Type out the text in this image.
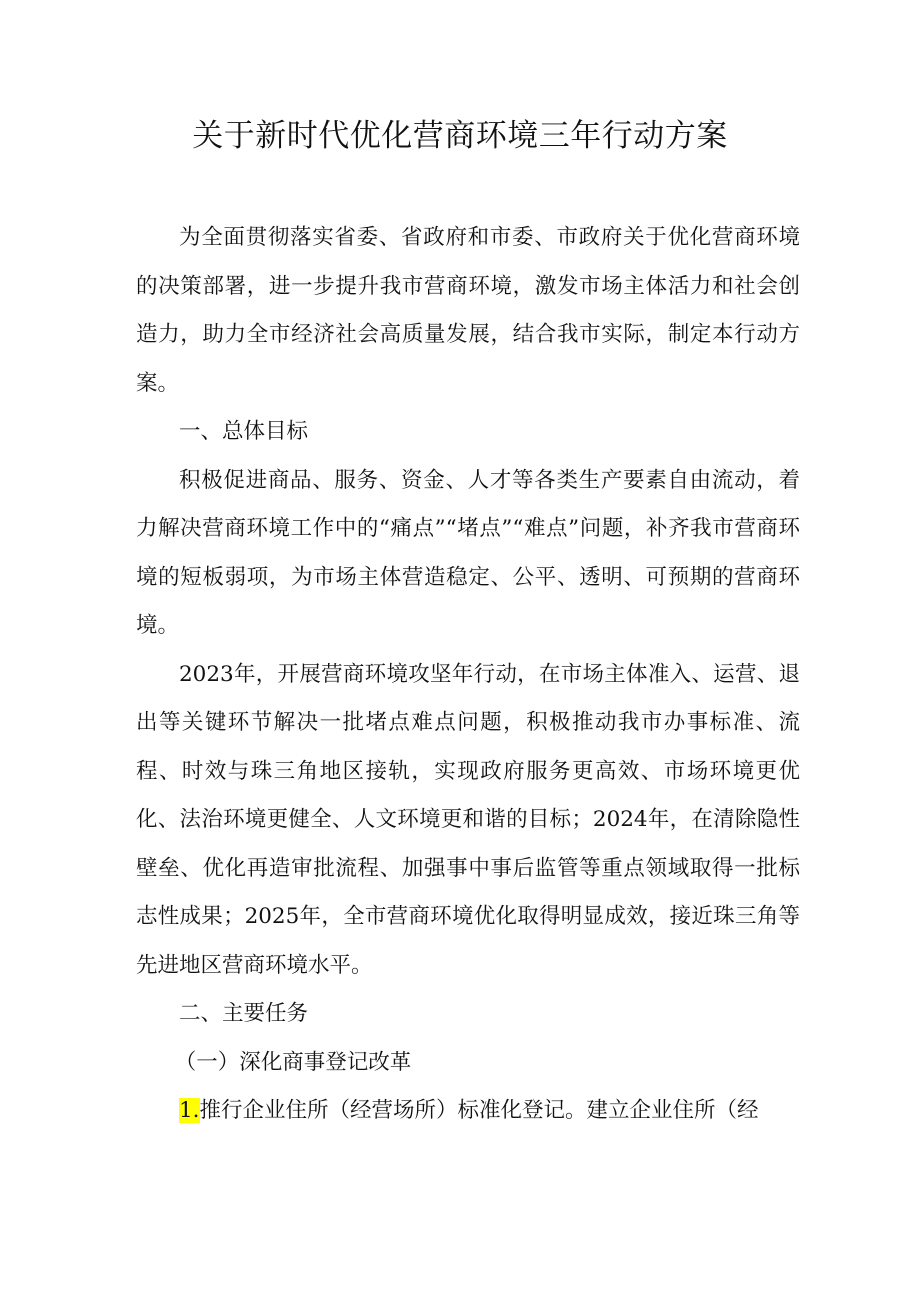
关于新时代优化营商环境三年行动方案

为全面贯彻落实省委、省政府和市委、市政府关于优化营商环境的决策部署，进一步提升我市营商环境，激发市场主体活力和社会创造力，助力全市经济社会高质量发展，结合我市实际，制定本行动方案。

一、总体目标

积极促进商品、服务、资金、人才等各类生产要素自由流动，着力解决营商环境工作中的“痛点”“堵点”“难点”问题，补齐我市营商环境的短板弱项，为市场主体营造稳定、公平、透明、可预期的营商环境。

2023年，开展营商环境攻坚年行动，在市场主体准入、运营、退出等关键环节解决一批堵点难点问题，积极推动我市办事标准、流程、时效与珠三角地区接轨，实现政府服务更高效、市场环境更优化、法治环境更健全、人文环境更和谐的目标；2024年，在清除隐性壁垒、优化再造审批流程、加强事中事后监管等重点领域取得一批标志性成果；2025年，全市营商环境优化取得明显成效，接近珠三角等先进地区营商环境水平。

二、主要任务

（一）深化商事登记改革

1.推行企业住所（经营场所）标准化登记。建立企业住所（经
